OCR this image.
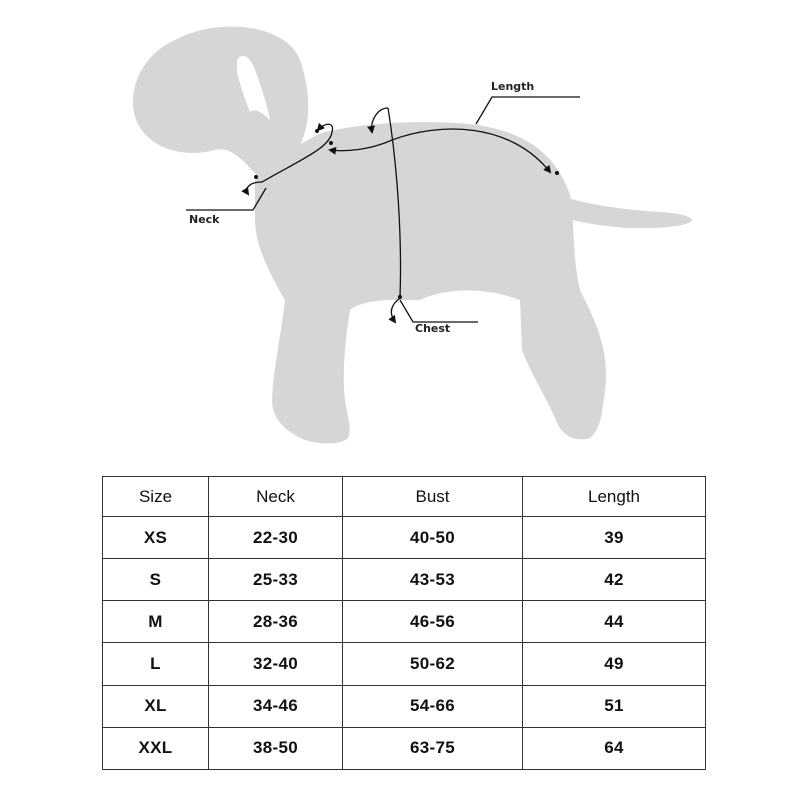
Neck
Length
Chest
Size	Neck	Bust	Length
XS	22-30	40-50	39
S	25-33	43-53	42
M	28-36	46-56	44
L	32-40	50-62	49
XL	34-46	54-66	51
XXL	38-50	63-75	64
